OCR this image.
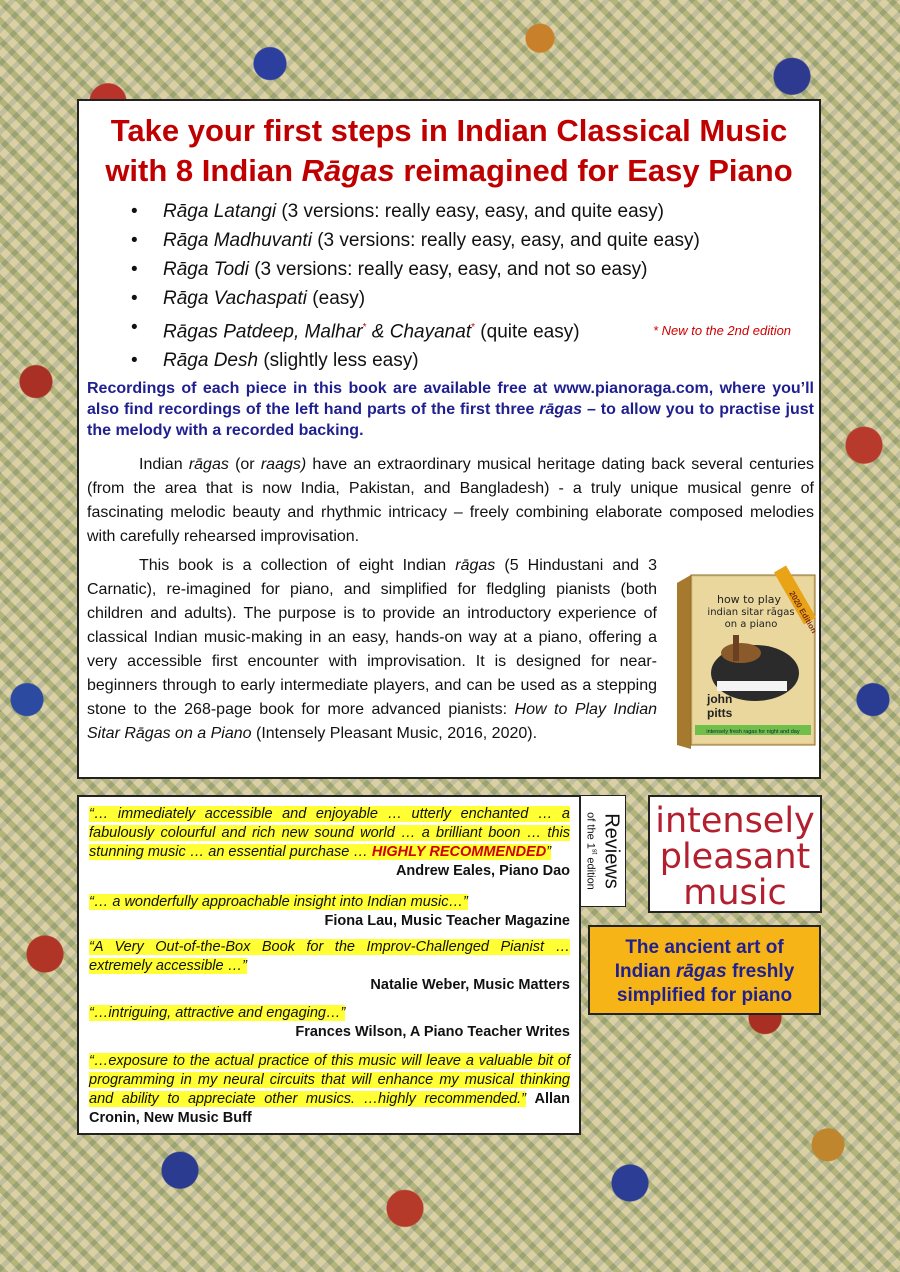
Take your first steps in Indian Classical Music
with 8 Indian Rāgas reimagined for Easy Piano
• Rāga Latangi (3 versions: really easy, easy, and quite easy)
• Rāga Madhuvanti (3 versions: really easy, easy, and quite easy)
• Rāga Todi (3 versions: really easy, easy, and not so easy)
• Rāga Vachaspati (easy)
• Rāgas Patdeep, Malhar* & Chayanat* (quite easy)
• Rāga Desh (slightly less easy)
* New to the 2nd edition
Recordings of each piece in this book are available free at www.pianoraga.com, where you’ll also find recordings of the left hand parts of the first three rāgas – to allow you to practise just the melody with a recorded backing.
Indian rāgas (or raags) have an extraordinary musical heritage dating back several centuries (from the area that is now India, Pakistan, and Bangladesh) - a truly unique musical genre of fascinating melodic beauty and rhythmic intricacy – freely combining elaborate composed melodies with carefully rehearsed improvisation.
This book is a collection of eight Indian rāgas (5 Hindustani and 3 Carnatic), re-imagined for piano, and simplified for fledgling pianists (both children and adults). The purpose is to provide an introductory experience of classical Indian music-making in an easy, hands-on way at a piano, offering a very accessible first encounter with improvisation. It is designed for near-beginners through to early intermediate players, and can be used as a stepping stone to the 268-page book for more advanced pianists: How to Play Indian Sitar Rāgas on a Piano (Intensely Pleasant Music, 2016, 2020).
2020 Edition
how to play
indian sitar rāgas
on a piano
john
pitts
intensely fresh ragas for night and day
“… immediately accessible and enjoyable … utterly enchanted … a fabulously colourful and rich new sound world … a brilliant boon … this stunning music … an essential purchase … HIGHLY RECOMMENDED”
Andrew Eales, Piano Dao
“… a wonderfully approachable insight into Indian music…”
Fiona Lau, Music Teacher Magazine
“A Very Out-of-the-Box Book for the Improv-Challenged Pianist … extremely accessible …”
Natalie Weber, Music Matters
“…intriguing, attractive and engaging…”
Frances Wilson, A Piano Teacher Writes
“…exposure to the actual practice of this music will leave a valuable bit of programming in my neural circuits that will enhance my musical thinking and ability to appreciate other musics. …highly recommended.” Allan Cronin, New Music Buff
Reviews
of the 1st edition
intensely
pleasant
music
The ancient art of
Indian rāgas freshly
simplified for piano
